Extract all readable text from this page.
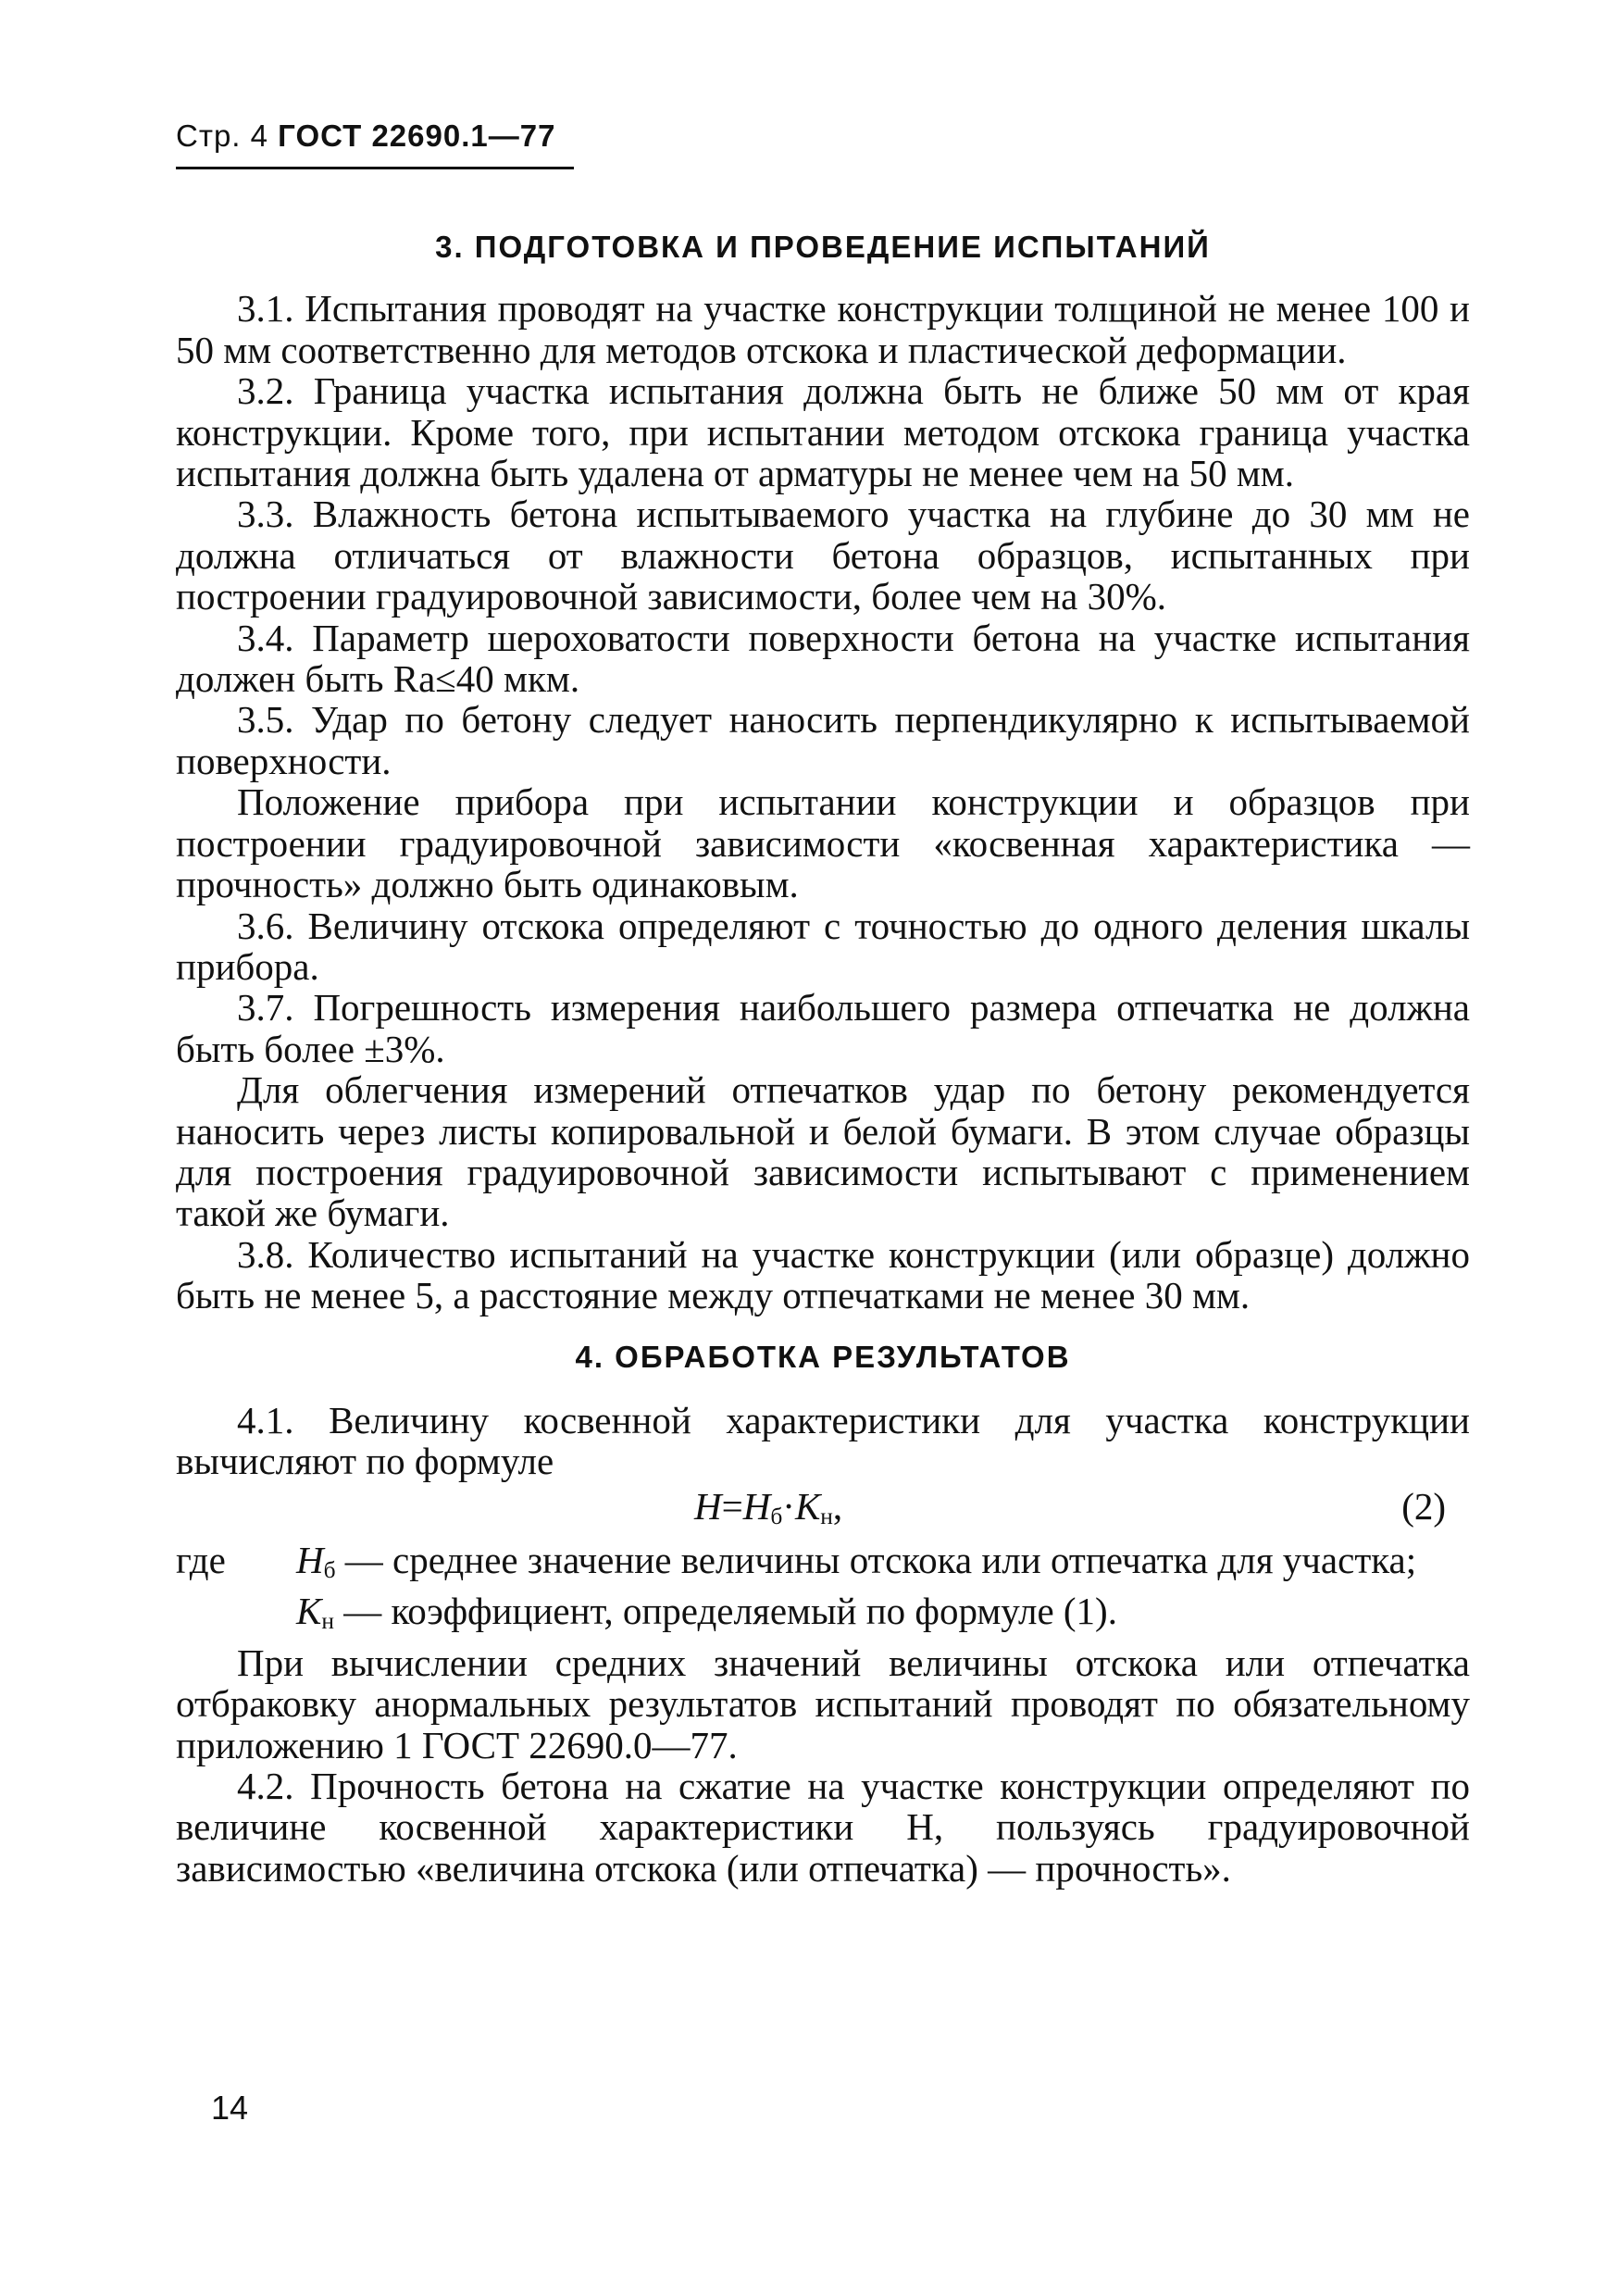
Стр. 4 ГОСТ 22690.1—77
3. ПОДГОТОВКА И ПРОВЕДЕНИЕ ИСПЫТАНИЙ

3.1. Испытания проводят на участке конструкции толщиной не менее 100 и 50 мм соответственно для методов отскока и пластической деформации.

3.2. Граница участка испытания должна быть не ближе 50 мм от края конструкции. Кроме того, при испытании методом отскока граница участка испытания должна быть удалена от арматуры не менее чем на 50 мм.

3.3. Влажность бетона испытываемого участка на глубине до 30 мм не должна отличаться от влажности бетона образцов, испытанных при построении градуировочной зависимости, более чем на 30%.

3.4. Параметр шероховатости поверхности бетона на участке испытания должен быть Ra≤40 мкм.

3.5. Удар по бетону следует наносить перпендикулярно к испытываемой поверхности.

Положение прибора при испытании конструкции и образцов при построении градуировочной зависимости «косвенная характеристика — прочность» должно быть одинаковым.

3.6. Величину отскока определяют с точностью до одного деления шкалы прибора.

3.7. Погрешность измерения наибольшего размера отпечатка не должна быть более ±3%.

Для облегчения измерений отпечатков удар по бетону рекомендуется наносить через листы копировальной и белой бумаги. В этом случае образцы для построения градуировочной зависимости испытывают с применением такой же бумаги.

3.8. Количество испытаний на участке конструкции (или образце) должно быть не менее 5, а расстояние между отпечатками не менее 30 мм.

4. ОБРАБОТКА РЕЗУЛЬТАТОВ

4.1. Величину косвенной характеристики для участка конструкции вычисляют по формуле

$H=H_б\cdot K_н$,	(2)
где	$H_б$ — среднее значение величины отскока или отпечатка для участка;
$K_н$ — коэффициент, определяемый по формуле (1).

При вычислении средних значений величины отскока или отпечатка отбраковку анормальных результатов испытаний проводят по обязательному приложению 1 ГОСТ 22690.0—77.

4.2. Прочность бетона на сжатие на участке конструкции определяют по величине косвенной характеристики H, пользуясь градуировочной зависимостью «величина отскока (или отпечатка) — прочность».

14
